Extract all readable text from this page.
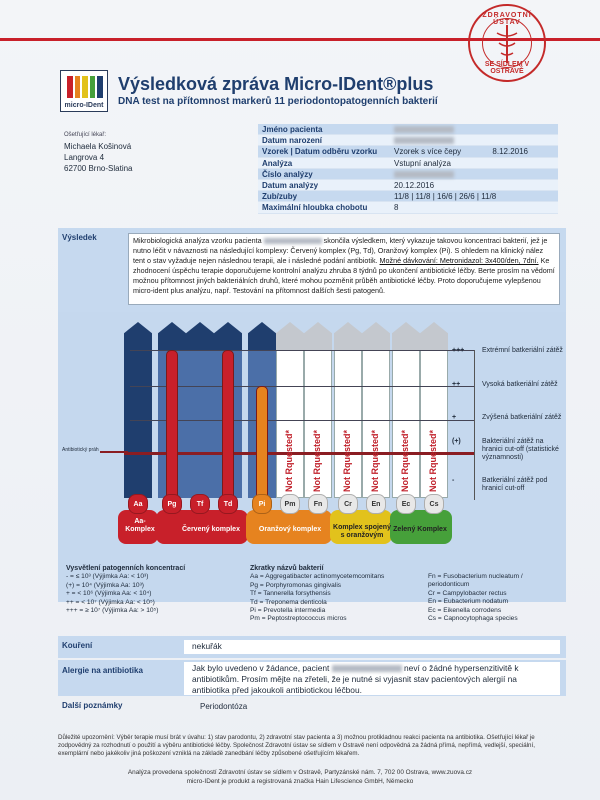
ZDRAVOTNÍ ÚSTAV
SE SÍDLEM V OSTRAVĚ
micro-IDent
Výsledková zpráva Micro-IDent®plus
DNA test na přítomnost markerů 11 periodontopatogenních bakterií
Ošetřující lékař:
Michaela Košinová
Langrova 4
62700 Brno-Slatina
Jméno pacienta
Datum narození
Vzorek | Datum odběru vzorku	Vzorek s více čepy	8.12.2016
Analýza	Vstupní analýza
Číslo analýzy
Datum analýzy	20.12.2016
Zub/zuby	11/8 | 11/8 | 16/6 | 26/6 | 11/8
Maximální hloubka chobotu	8
Výsledek	Mikrobiologická analýza vzorku pacienta	skončila výsledkem, který vykazuje takovou koncentraci bakterií, jež je nutno léčit v návaznosti na následující komplexy: Červený komplex (Pg, Td), Oranžový komplex (Pi). S ohledem na klinický nález tent o stav vyžaduje nejen následnou terapii, ale i následné podání antibiotik. Možné dávkování: Metronidazol: 3x400/den, 7dní. Ke zhodnocení úspěchu terapie doporučujeme kontrolní analýzu zhruba 8 týdnů po ukončení antibiotické léčby. Berte prosím na vědomí možnou přítomnost jiných bakteriálních druhů, které mohou pozměnit průběh antibiotické léčby. Proto doporučujeme vylepšenou micro-ident plus analýzu, např. Testování na přítomnost dalších šesti patogenů.
Not Rquested* Not Rquested* Not Rquested* Not Rquested* Not Rquested* Not Rquested*
Aa	Pg	Tf	Td	Pi	Pm	Fn	Cr	En	Ec	Cs
Antibiotický práh
+++	Extrémní batkeriální zátěž
++	Vysoká batkeriální zátěž
+	Zvýšená batkeriální zátěž
(+)	Bakteriální zátěž na hranici cut-off (statistické významnosti)
-	Batkeriální zátěž pod hranicí cut-off
Aa-Komplex	Červený komplex	Oranžový komplex	Komplex spojený s oranžovým
Zelený Komplex
Vysvětlení patogenních koncentrací
- = ≤ 10³ (Výjimka Aa: < 10³)
(+) = 10⁴ (Výjimka Aa: 10³)
+ = < 10⁶ (Výjimka Aa: < 10⁴)
++ = < 10⁷ (Výjimka Aa: < 10⁵)
+++ = ≥ 10⁷ (Výjimka Aa: > 10⁵)
Zkratky názvů bakterií
Aa = Aggregatibacter actinomycetemcomitans
Pg = Porphyromonas gingivalis
Tf = Tannerella forsythensis
Td = Treponema denticola
Pi = Prevotella intermedia
Pm = Peptostreptococcus micros
Fn = Fusobacterium nucleatum /
periodonticum
Cr = Campylobacter rectus
En = Eubacterium nodatum
Ec = Eikenella corrodens
Cs = Capnocytophaga species
Kouření	nekuřák
Alergie na antibiotika	Jak bylo uvedeno v žádance, pacient	neví o žádné hypersenzitivitě k antibiotikům. Prosím mějte na zřeteli, že je nutné si vyjasnit stav pacientových alergií na antibiotika před jakoukoli antibiotickou léčbou.
Další poznámky	Periodontóza
Důležité upozornění: Výběr terapie musí brát v úvahu: 1) stav parodontu, 2) zdravotní stav pacienta a 3) možnou protikladnou reakci pacienta na antibiotika. Ošetřující lékař je zodpovědný za rozhodnutí o použití a výběru antibiotické léčby. Společnost Zdravotní ústav se sídlem v Ostravě není odpovědná za žádná přímá, nepřímá, vedlejší, speciální, exemplární nebo jakékoliv jiná poškození vzniklá na základě zanedbání léčby způsobené ošetřujícím lékařem.
Analýza provedena společností Zdravotní ústav se sídlem v Ostravě, Partyzánské nám. 7, 702 00 Ostrava, www.zuova.cz
micro-IDent je produkt a registrovaná značka Hain Lifescience GmbH, Německo
